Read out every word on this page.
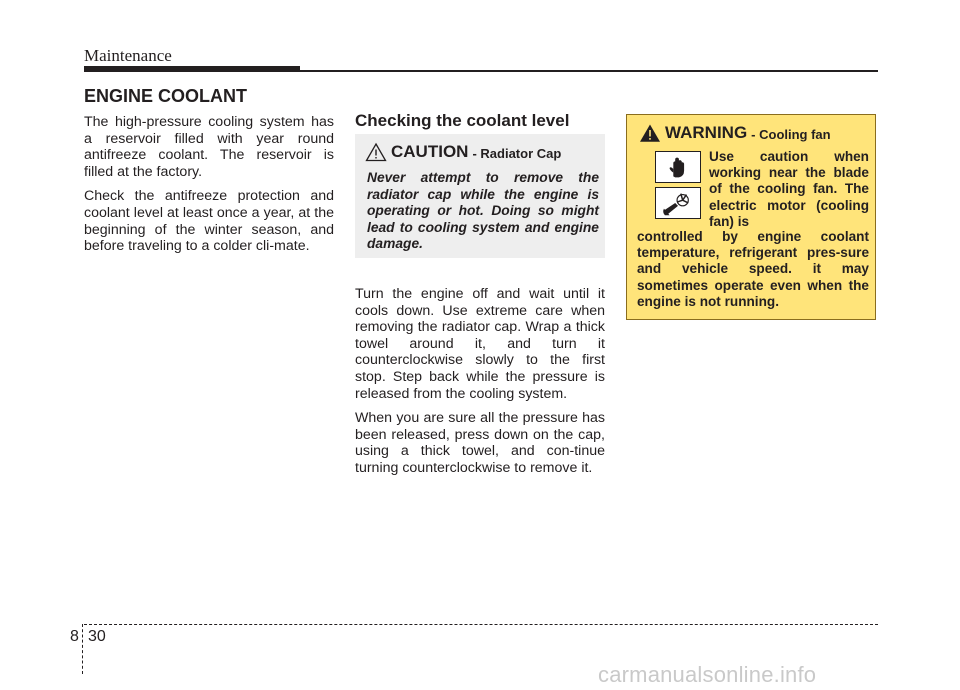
Maintenance
ENGINE COOLANT

The high-pressure cooling system has a reservoir filled with year round antifreeze coolant. The reservoir is filled at the factory.

Check the antifreeze protection and coolant level at least once a year, at the beginning of the winter season, and before traveling to a colder cli-mate.

Checking the coolant level
CAUTION - Radiator Cap
Never attempt to remove the radiator cap while the engine is operating or hot. Doing so might lead to cooling system and engine damage.

Turn the engine off and wait until it cools down. Use extreme care when removing the radiator cap. Wrap a thick towel around it, and turn it counterclockwise slowly to the first stop. Step back while the pressure is released from the cooling system.

When you are sure all the pressure has been released, press down on the cap, using a thick towel, and con-tinue turning counterclockwise to remove it.

WARNING - Cooling fan
Use caution when working near the blade of the cooling fan. The electric motor (cooling fan) is
controlled by engine coolant temperature, refrigerant pres-sure and vehicle speed. it may sometimes operate even when the engine is not running.
8 30
carmanualsonline.info
